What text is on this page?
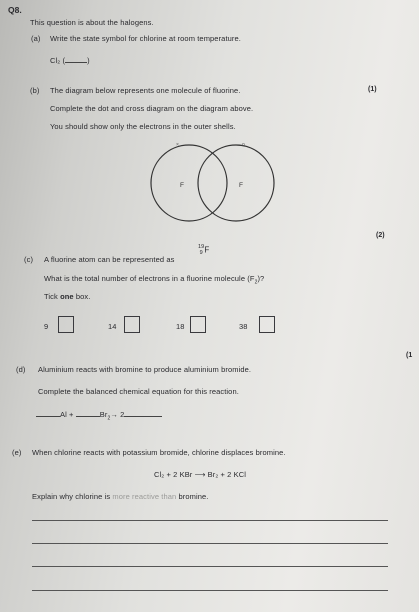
Q8.
This question is about the halogens.
(a) Write the state symbol for chlorine at room temperature.
Cl₂ (	)
(1)
(b) The diagram below represents one molecule of fluorine.
Complete the dot and cross diagram on the diagram above.
You should show only the electrons in the outer shells.
×	o
F	F
(2)
(c) A fluorine atom can be represented as
19
9 F
What is the total number of electrons in a fluorine molecule $(F_2)$?
Tick one box.
9	14	18	38
(1
(d) Aluminium reacts with bromine to produce aluminium bromide.
Complete the balanced chemical equation for this reaction.
Al +	$Br_2\to 2$
(e) When chlorine reacts with potassium bromide, chlorine displaces bromine.
Cl₂ + 2 KBr ⟶ Br₂ + 2 KCl
Explain why chlorine is more reactive than bromine.
